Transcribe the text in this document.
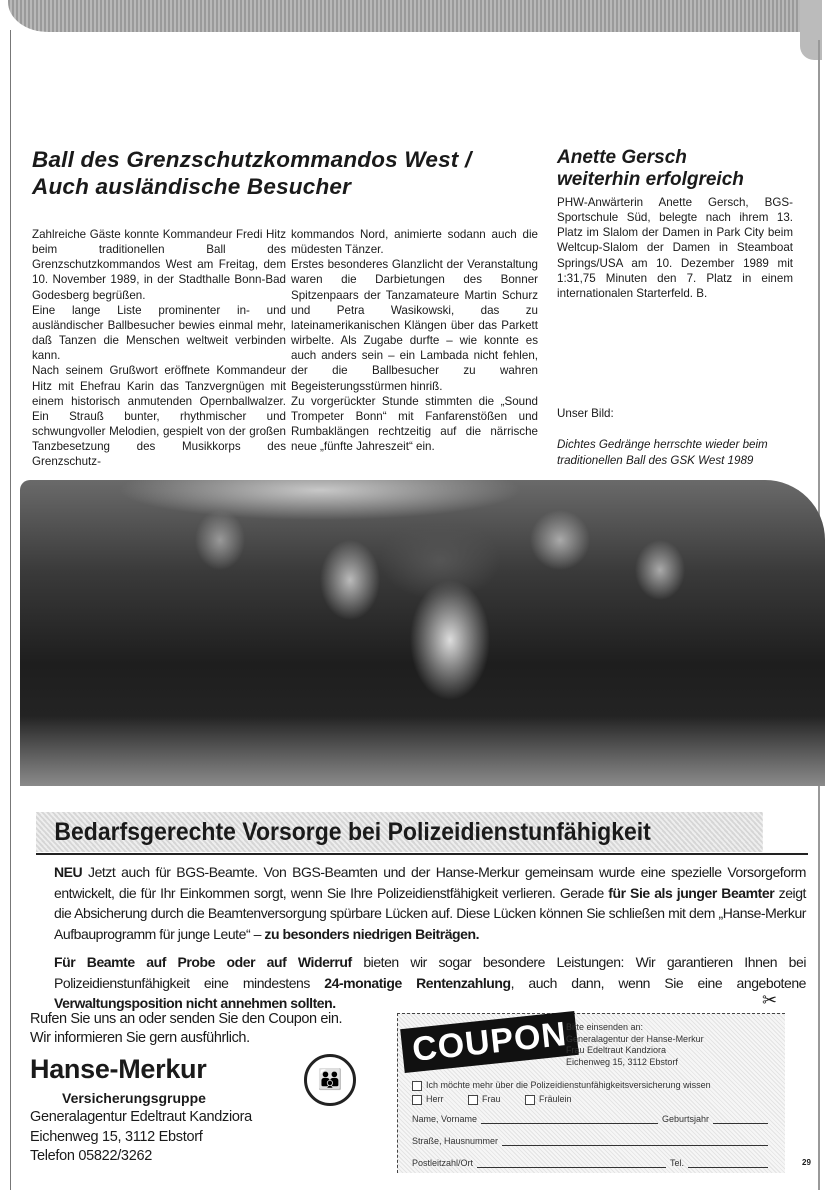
Ball des Grenzschutzkommandos West /
Auch ausländische Besucher

Zahlreiche Gäste konnte Kommandeur Fredi Hitz beim traditionellen Ball des Grenzschutzkommandos West am Freitag, dem 10. November 1989, in der Stadthalle Bonn-Bad Godesberg begrüßen.

Eine lange Liste prominenter in- und ausländischer Ballbesucher bewies einmal mehr, daß Tanzen die Menschen weltweit verbinden kann.

Nach seinem Grußwort eröffnete Kommandeur Hitz mit Ehefrau Karin das Tanzvergnügen mit einem historisch anmutenden Opernballwalzer. Ein Strauß bunter, rhythmischer und schwungvoller Melodien, gespielt von der großen Tanzbesetzung des Musikkorps des Grenzschutz-

kommandos Nord, animierte sodann auch die müdesten Tänzer.

Erstes besonderes Glanzlicht der Veranstaltung waren die Darbietungen des Bonner Spitzenpaars der Tanzamateure Martin Schurz und Petra Wasikowski, das zu lateinamerikanischen Klängen über das Parkett wirbelte. Als Zugabe durfte – wie konnte es auch anders sein – ein Lambada nicht fehlen, der die Ballbesucher zu wahren Begeisterungsstürmen hinriß.

Zu vorgerückter Stunde stimmten die „Sound Trompeter Bonn“ mit Fanfarenstößen und Rumbaklängen rechtzeitig auf die närrische neue „fünfte Jahreszeit“ ein.

Anette Gersch
weiterhin erfolgreich
PHW-Anwärterin Anette Gersch, BGS-Sportschule Süd, belegte nach ihrem 13. Platz im Slalom der Damen in Park City beim Weltcup-Slalom der Damen in Steamboat Springs/USA am 10. Dezember 1989 mit 1:31,75 Minuten den 7. Platz in einem internationalen Starterfeld. B.
Unser Bild:
Dichtes Gedränge herrschte wieder beim traditionellen Ball des GSK West 1989
Bedarfsgerechte Vorsorge bei Polizeidienstunfähigkeit

NEU Jetzt auch für BGS-Beamte. Von BGS-Beamten und der Hanse-Merkur gemeinsam wurde eine spezielle Vorsorgeform entwickelt, die für Ihr Einkommen sorgt, wenn Sie Ihre Polizeidienstfähigkeit verlieren. Gerade für Sie als junger Beamter zeigt die Absicherung durch die Beamtenversorgung spürbare Lücken auf. Diese Lücken können Sie schließen mit dem „Hanse-Merkur Aufbauprogramm für junge Leute“ – zu besonders niedrigen Beiträgen.

Für Beamte auf Probe oder auf Widerruf bieten wir sogar besondere Leistungen: Wir garantieren Ihnen bei Polizeidienstunfähigkeit eine mindestens 24-monatige Rentenzahlung, auch dann, wenn Sie eine angebotene Verwaltungsposition nicht annehmen sollten.

Rufen Sie uns an oder senden Sie den Coupon ein.
Wir informieren Sie gern ausführlich.
Hanse-Merkur	👪
Versicherungsgruppe
Generalagentur Edeltraut Kandziora
Eichenweg 15, 3112 Ebstorf
Telefon 05822/3262
COUPON
Bitte einsenden an:
Generalagentur der Hanse-Merkur
Frau Edeltraut Kandziora
Eichenweg 15, 3112 Ebstorf
Ich möchte mehr über die Polizeidienstunfähigkeitsversicherung wissen
Herr	Frau	Fräulein
Name, Vorname	Geburtsjahr
Straße, Hausnummer
Postleitzahl/Ort	Tel.
✂
29
